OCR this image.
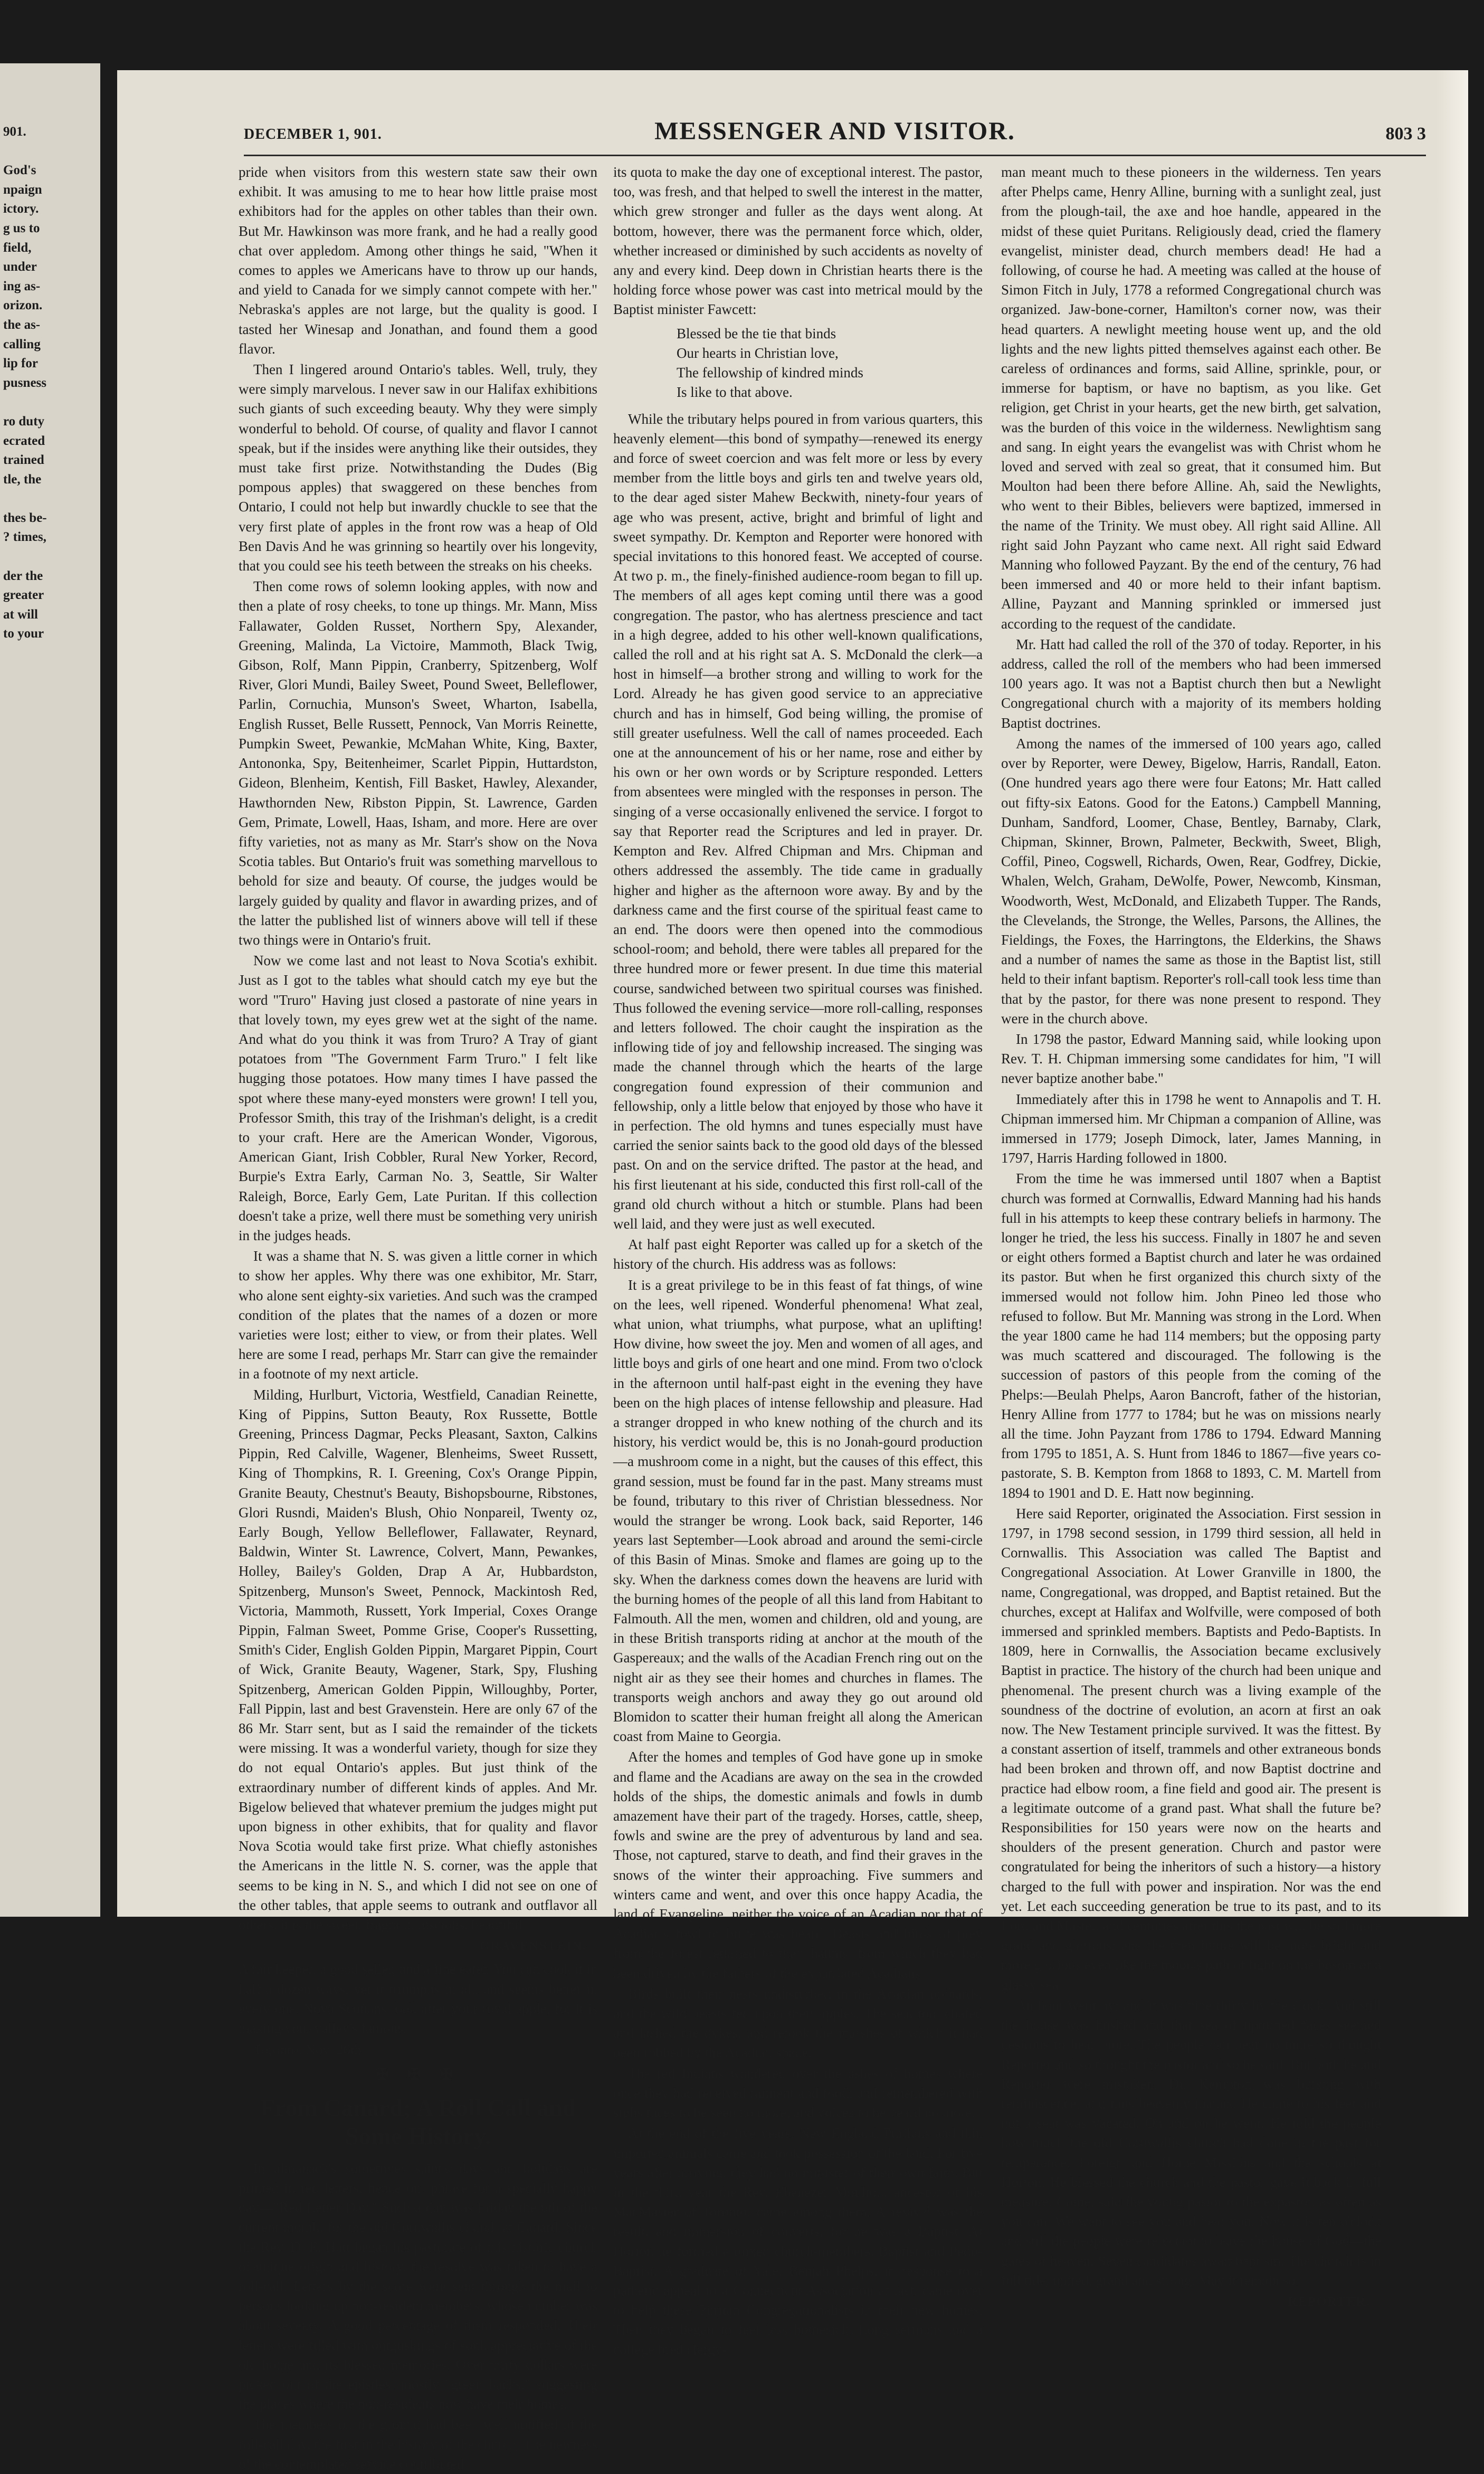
901.
God's
npaign
ictory.
g us to
field,
under
ing as-
orizon.
the as-
calling
lip for
pusness
ro duty
ecrated
trained
tle, the
thes be-
? times,
der the
greater
at will
to your
DECEMBER 1, 901.	MESSENGER AND VISITOR.	803 3

pride when visitors from this western state saw their own exhibit. It was amusing to me to hear how little praise most exhibitors had for the apples on other tables than their own. But Mr. Hawkinson was more frank, and he had a really good chat over appledom. Among other things he said, "When it comes to apples we Americans have to throw up our hands, and yield to Canada for we simply cannot compete with her." Nebraska's apples are not large, but the quality is good. I tasted her Winesap and Jonathan, and found them a good flavor.

Then I lingered around Ontario's tables. Well, truly, they were simply marvelous. I never saw in our Halifax exhibitions such giants of such exceeding beauty. Why they were simply wonderful to behold. Of course, of quality and flavor I cannot speak, but if the insides were anything like their outsides, they must take first prize. Notwithstanding the Dudes (Big pompous apples) that swaggered on these benches from Ontario, I could not help but inwardly chuckle to see that the very first plate of apples in the front row was a heap of Old Ben Davis And he was grinning so heartily over his longevity, that you could see his teeth between the streaks on his cheeks.

Then come rows of solemn looking apples, with now and then a plate of rosy cheeks, to tone up things. Mr. Mann, Miss Fallawater, Golden Russet, Northern Spy, Alexander, Greening, Malinda, La Victoire, Mammoth, Black Twig, Gibson, Rolf, Mann Pippin, Cranberry, Spitzenberg, Wolf River, Glori Mundi, Bailey Sweet, Pound Sweet, Belleflower, Parlin, Cornuchia, Munson's Sweet, Wharton, Isabella, English Russet, Belle Russett, Pennock, Van Morris Reinette, Pumpkin Sweet, Pewankie, McMahan White, King, Baxter, Antononka, Spy, Beitenheimer, Scarlet Pippin, Huttardston, Gideon, Blenheim, Kentish, Fill Basket, Hawley, Alexander, Hawthornden New, Ribston Pippin, St. Lawrence, Garden Gem, Primate, Lowell, Haas, Isham, and more. Here are over fifty varieties, not as many as Mr. Starr's show on the Nova Scotia tables. But Ontario's fruit was something marvellous to behold for size and beauty. Of course, the judges would be largely guided by quality and flavor in awarding prizes, and of the latter the published list of winners above will tell if these two things were in Ontario's fruit.

Now we come last and not least to Nova Scotia's exhibit. Just as I got to the tables what should catch my eye but the word "Truro" Having just closed a pastorate of nine years in that lovely town, my eyes grew wet at the sight of the name. And what do you think it was from Truro? A Tray of giant potatoes from "The Government Farm Truro." I felt like hugging those potatoes. How many times I have passed the spot where these many-eyed monsters were grown! I tell you, Professor Smith, this tray of the Irishman's delight, is a credit to your craft. Here are the American Wonder, Vigorous, American Giant, Irish Cobbler, Rural New Yorker, Record, Burpie's Extra Early, Carman No. 3, Seattle, Sir Walter Raleigh, Borce, Early Gem, Late Puritan. If this collection doesn't take a prize, well there must be something very unirish in the judges heads.

It was a shame that N. S. was given a little corner in which to show her apples. Why there was one exhibitor, Mr. Starr, who alone sent eighty-six varieties. And such was the cramped condition of the plates that the names of a dozen or more varieties were lost; either to view, or from their plates. Well here are some I read, perhaps Mr. Starr can give the remainder in a footnote of my next article.

Milding, Hurlburt, Victoria, Westfield, Canadian Reinette, King of Pippins, Sutton Beauty, Rox Russette, Bottle Greening, Princess Dagmar, Pecks Pleasant, Saxton, Calkins Pippin, Red Calville, Wagener, Blenheims, Sweet Russett, King of Thompkins, R. I. Greening, Cox's Orange Pippin, Granite Beauty, Chestnut's Beauty, Bishopsbourne, Ribstones, Glori Rusndi, Maiden's Blush, Ohio Nonpareil, Twenty oz, Early Bough, Yellow Belleflower, Fallawater, Reynard, Baldwin, Winter St. Lawrence, Colvert, Mann, Pewankes, Holley, Bailey's Golden, Drap A Ar, Hubbardston, Spitzenberg, Munson's Sweet, Pennock, Mackintosh Red, Victoria, Mammoth, Russett, York Imperial, Coxes Orange Pippin, Falman Sweet, Pomme Grise, Cooper's Russetting, Smith's Cider, English Golden Pippin, Margaret Pippin, Court of Wick, Granite Beauty, Wagener, Stark, Spy, Flushing Spitzenberg, American Golden Pippin, Willoughby, Porter, Fall Pippin, last and best Gravenstein. Here are only 67 of the 86 Mr. Starr sent, but as I said the remainder of the tickets were missing. It was a wonderful variety, though for size they do not equal Ontario's apples. But just think of the extraordinary number of different kinds of apples. And Mr. Bigelow believed that whatever premium the judges might put upon bigness in other exhibits, that for quality and flavor Nova Scotia would take first prize. What chiefly astonishes the Americans in the little N. S. corner, was the apple that seems to be king in N. S., and which I did not see on one of the other tables, that apple seems to outrank and outflavor all others, it is the sweet, fragrant, luscious, beautiful

GRAVENSTEIN.

A fair keeper, a good seller, and a fine eater. You can cook it in half a dozen ways, yet it triumphs in all, and seems better in every one. Nova Scotians look after your royal apple, for it is making your valley's famous.

Toronto, Nov. 26th.
✠ ✠ ✠
From Canard; A Roll Call and Some History.

In almanack's sometimes saint's days and holidays are printed in red letters, hence our phrase for a specially happy day—"Red Letter Day." Such a day was Friday the 6th of the current month, for the old Cornwallis church at Canard. Since the Rev. D. E. Hatt began his pastorate of this historic church of unique origin and history, the resolve was taken to have a roll-call. Letters by the score were sent through the mail to persons looking up non-resident members, whose number was about seventy. A good percentage of them responded. Their letters were filled with outgushings of soul, appreciative of the old home and its blessed memories. Over thirty dollars were picked out of the epistles, mostly "green backs," suggesting the places where the non-residents now have their homes.

The members on the ground had been well notified of the roll-call day, the first in the history of the church. The newness of the contemplated service contributed

its quota to make the day one of exceptional interest. The pastor, too, was fresh, and that helped to swell the interest in the matter, which grew stronger and fuller as the days went along. At bottom, however, there was the permanent force which, older, whether increased or diminished by such accidents as novelty of any and every kind. Deep down in Christian hearts there is the holding force whose power was cast into metrical mould by the Baptist minister Fawcett:

Blessed be the tie that binds
Our hearts in Christian love,
The fellowship of kindred minds
Is like to that above.

While the tributary helps poured in from various quarters, this heavenly element—this bond of sympathy—renewed its energy and force of sweet coercion and was felt more or less by every member from the little boys and girls ten and twelve years old, to the dear aged sister Mahew Beckwith, ninety-four years of age who was present, active, bright and brimful of light and sweet sympathy. Dr. Kempton and Reporter were honored with special invitations to this honored feast. We accepted of course. At two p. m., the finely-finished audience-room began to fill up. The members of all ages kept coming until there was a good congregation. The pastor, who has alertness prescience and tact in a high degree, added to his other well-known qualifications, called the roll and at his right sat A. S. McDonald the clerk—a host in himself—a brother strong and willing to work for the Lord. Already he has given good service to an appreciative church and has in himself, God being willing, the promise of still greater usefulness. Well the call of names proceeded. Each one at the announcement of his or her name, rose and either by his own or her own words or by Scripture responded. Letters from absentees were mingled with the responses in person. The singing of a verse occasionally enlivened the service. I forgot to say that Reporter read the Scriptures and led in prayer. Dr. Kempton and Rev. Alfred Chipman and Mrs. Chipman and others addressed the assembly. The tide came in gradually higher and higher as the afternoon wore away. By and by the darkness came and the first course of the spiritual feast came to an end. The doors were then opened into the commodious school-room; and behold, there were tables all prepared for the three hundred more or fewer present. In due time this material course, sandwiched between two spiritual courses was finished. Thus followed the evening service—more roll-calling, responses and letters followed. The choir caught the inspiration as the inflowing tide of joy and fellowship increased. The singing was made the channel through which the hearts of the large congregation found expression of their communion and fellowship, only a little below that enjoyed by those who have it in perfection. The old hymns and tunes especially must have carried the senior saints back to the good old days of the blessed past. On and on the service drifted. The pastor at the head, and his first lieutenant at his side, conducted this first roll-call of the grand old church without a hitch or stumble. Plans had been well laid, and they were just as well executed.

At half past eight Reporter was called up for a sketch of the history of the church. His address was as follows:

It is a great privilege to be in this feast of fat things, of wine on the lees, well ripened. Wonderful phenomena! What zeal, what union, what triumphs, what purpose, what an uplifting! How divine, how sweet the joy. Men and women of all ages, and little boys and girls of one heart and one mind. From two o'clock in the afternoon until half-past eight in the evening they have been on the high places of intense fellowship and pleasure. Had a stranger dropped in who knew nothing of the church and its history, his verdict would be, this is no Jonah-gourd production—a mushroom come in a night, but the causes of this effect, this grand session, must be found far in the past. Many streams must be found, tributary to this river of Christian blessedness. Nor would the stranger be wrong. Look back, said Reporter, 146 years last September—Look abroad and around the semi-circle of this Basin of Minas. Smoke and flames are going up to the sky. When the darkness comes down the heavens are lurid with the burning homes of the people of all this land from Habitant to Falmouth. All the men, women and children, old and young, are in these British transports riding at anchor at the mouth of the Gaspereaux; and the walls of the Acadian French ring out on the night air as they see their homes and churches in flames. The transports weigh anchors and away they go out around old Blomidon to scatter their human freight all along the American coast from Maine to Georgia.

After the homes and temples of God have gone up in smoke and flame and the Acadians are away on the sea in the crowded holds of the ships, the domestic animals and fowls in dumb amazement have their part of the tragedy. Horses, cattle, sheep, fowls and swine are the prey of adventurous by land and sea. Those, not captured, starve to death, and find their graves in the snows of the winter their approaching. Five summers and winters came and went, and over this once happy Acadia, the land of Evangeline, neither the voice of an Acadian nor that of Acadian's fowl or brute was heard. Beasts and birds of prey from the forest returned to their haunts, from which they had been driven by the fathers of the expatriated Acadians.

Birds built their nests undisturbed in the Acadian orchards, and the wild beasts fed upon their apples. The sea, too, chafed and lashed the dykes, and retook the marshes of which it had been robbed by the Acadian spade.

The red Indians wandered over the ashes of homes where once they had received raiment and food; and remembered with sighs faces to be seen no more, and voices to be heard no more.

At the end of the five years, New England Puritans and thin imported animals came and took possession of the land. For five years after arriving, they had no minister of their own faith. But in the third year the Rev. Ebenezer Moulton, ancestor of his MacMaster of Toronto, came among them. A revival was the result, and immersion of converts, for he was a Baptist. At Horton he formed a mixed church-members, Baptist and Pedo-Baptist. A graduate of Yale, Benjah Phelps, in response to a pathetic appeal to a Connecticut Association at last, came over to help these Puritan Congregationalists in their new homes. Then they began to feel less homesick. Long sermons and a college bred clergy-

man meant much to these pioneers in the wilderness. Ten years after Phelps came, Henry Alline, burning with a sunlight zeal, just from the plough-tail, the axe and hoe handle, appeared in the midst of these quiet Puritans. Religiously dead, cried the flamery evangelist, minister dead, church members dead! He had a following, of course he had. A meeting was called at the house of Simon Fitch in July, 1778 a reformed Congregational church was organized. Jaw-bone-corner, Hamilton's corner now, was their head quarters. A newlight meeting house went up, and the old lights and the new lights pitted themselves against each other. Be careless of ordinances and forms, said Alline, sprinkle, pour, or immerse for baptism, or have no baptism, as you like. Get religion, get Christ in your hearts, get the new birth, get salvation, was the burden of this voice in the wilderness. Newlightism sang and sang. In eight years the evangelist was with Christ whom he loved and served with zeal so great, that it consumed him. But Moulton had been there before Alline. Ah, said the Newlights, who went to their Bibles, believers were baptized, immersed in the name of the Trinity. We must obey. All right said Alline. All right said John Payzant who came next. All right said Edward Manning who followed Payzant. By the end of the century, 76 had been immersed and 40 or more held to their infant baptism. Alline, Payzant and Manning sprinkled or immersed just according to the request of the candidate.

Mr. Hatt had called the roll of the 370 of today. Reporter, in his address, called the roll of the members who had been immersed 100 years ago. It was not a Baptist church then but a Newlight Congregational church with a majority of its members holding Baptist doctrines.

Among the names of the immersed of 100 years ago, called over by Reporter, were Dewey, Bigelow, Harris, Randall, Eaton. (One hundred years ago there were four Eatons; Mr. Hatt called out fifty-six Eatons. Good for the Eatons.) Campbell Manning, Dunham, Sandford, Loomer, Chase, Bentley, Barnaby, Clark, Chipman, Skinner, Brown, Palmeter, Beckwith, Sweet, Bligh, Coffil, Pineo, Cogswell, Richards, Owen, Rear, Godfrey, Dickie, Whalen, Welch, Graham, DeWolfe, Power, Newcomb, Kinsman, Woodworth, West, McDonald, and Elizabeth Tupper. The Rands, the Clevelands, the Stronge, the Welles, Parsons, the Allines, the Fieldings, the Foxes, the Harringtons, the Elderkins, the Shaws and a number of names the same as those in the Baptist list, still held to their infant baptism. Reporter's roll-call took less time than that by the pastor, for there was none present to respond. They were in the church above.

In 1798 the pastor, Edward Manning said, while looking upon Rev. T. H. Chipman immersing some candidates for him, "I will never baptize another babe."

Immediately after this in 1798 he went to Annapolis and T. H. Chipman immersed him. Mr Chipman a companion of Alline, was immersed in 1779; Joseph Dimock, later, James Manning, in 1797, Harris Harding followed in 1800.

From the time he was immersed until 1807 when a Baptist church was formed at Cornwallis, Edward Manning had his hands full in his attempts to keep these contrary beliefs in harmony. The longer he tried, the less his success. Finally in 1807 he and seven or eight others formed a Baptist church and later he was ordained its pastor. But when he first organized this church sixty of the immersed would not follow him. John Pineo led those who refused to follow. But Mr. Manning was strong in the Lord. When the year 1800 came he had 114 members; but the opposing party was much scattered and discouraged. The following is the succession of pastors of this people from the coming of the Phelps:—Beulah Phelps, Aaron Bancroft, father of the historian, Henry Alline from 1777 to 1784; but he was on missions nearly all the time. John Payzant from 1786 to 1794. Edward Manning from 1795 to 1851, A. S. Hunt from 1846 to 1867—five years co-pastorate, S. B. Kempton from 1868 to 1893, C. M. Martell from 1894 to 1901 and D. E. Hatt now beginning.

Here said Reporter, originated the Association. First session in 1797, in 1798 second session, in 1799 third session, all held in Cornwallis. This Association was called The Baptist and Congregational Association. At Lower Granville in 1800, the name, Congregational, was dropped, and Baptist retained. But the churches, except at Halifax and Wolfville, were composed of both immersed and sprinkled members. Baptists and Pedo-Baptists. In 1809, here in Cornwallis, the Association became exclusively Baptist in practice. The history of the church had been unique and phenomenal. The present church was a living example of the soundness of the doctrine of evolution, an acorn at first an oak now. The New Testament principle survived. It was the fittest. By a constant assertion of itself, trammels and other extraneous bonds had been broken and thrown off, and now Baptist doctrine and practice had elbow room, a fine field and good air. The present is a legitimate outcome of a grand past. What shall the future be? Responsibilities for 150 years were now on the hearts and shoulders of the present generation. Church and pastor were congratulated for being the inheritors of such a history—a history charged to the full with power and inspiration. Nor was the end yet. Let each succeeding generation be true to its past, and to its Lord and Master, and centuries after this the past will be still more grand and glorious; and the then future will be more bright and more glorious even like the moon's path of light on the bosom of a glassy sea.

An hour went by; and it was nine thirty by the clock. And still the house was hushed and that sea of upturned faces seemed desirous to hear more. The people can hear no more so thought Reporter and so thought the pastor and so he said. But both he and Reporter were mistaken. Dr. Kempton was bursting with reminiscence; and thus heavenly manna. He came to his feet and not a seat was vacated. On and on he went. He told the people how much the old Cornwallis church had done in the past for temperance. Foreign and Home Missions and the schools at Horton. He blessed the church and the pastor gave it back in full measure. Come, said the young pastor to the expastor, as often as you can. We want to see you and hear you. Now it is ten o'clock and still the people were reluctant to leave the house of God—the gates of heaven. Seven candidates await baptism. The church is in full tide, united, grand and strong. May it remain so.

REPORTER.
